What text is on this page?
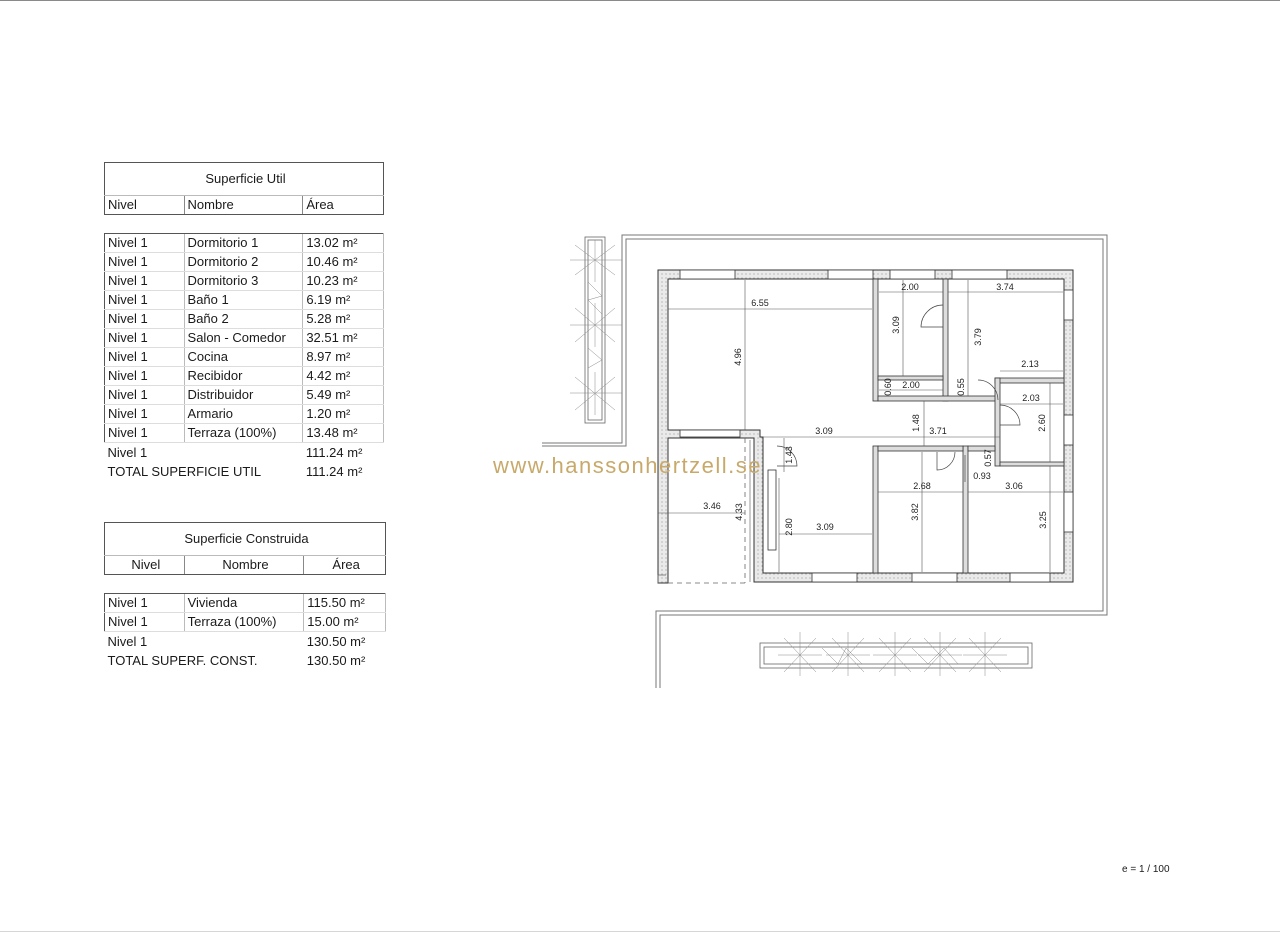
Superficie Util		
Nivel	Nombre	Área

Nivel 1	Dormitorio 1	13.02 m²
Nivel 1	Dormitorio 2	10.46 m²
Nivel 1	Dormitorio 3	10.23 m²
Nivel 1	Baño 1	6.19 m²
Nivel 1	Baño 2	5.28 m²
Nivel 1	Salon - Comedor	32.51 m²
Nivel 1	Cocina	8.97 m²
Nivel 1	Recibidor	4.42 m²
Nivel 1	Distribuidor	5.49 m²
Nivel 1	Armario	1.20 m²
Nivel 1	Terraza (100%)	13.48 m²
Nivel 1		111.24 m²
TOTAL SUPERFICIE UTIL		111.24 m²
Superficie Construida		
Nivel	Nombre	Área

Nivel 1	Vivienda	115.50 m²
Nivel 1	Terraza (100%)	15.00 m²
Nivel 1		130.50 m²
TOTAL SUPERF. CONST.		130.50 m²
6.55
4.96
2.00	3.74
3.09
3.79
0.60 2.00	0.55
2.13
2.03
2.60
3.09	1.48 3.71
1.43	0.57
0.93
2.68	3.06
3.46 4.33
2.80 3.09
3.82	3.25
www.hanssonhertzell.se
e = 1 / 100
